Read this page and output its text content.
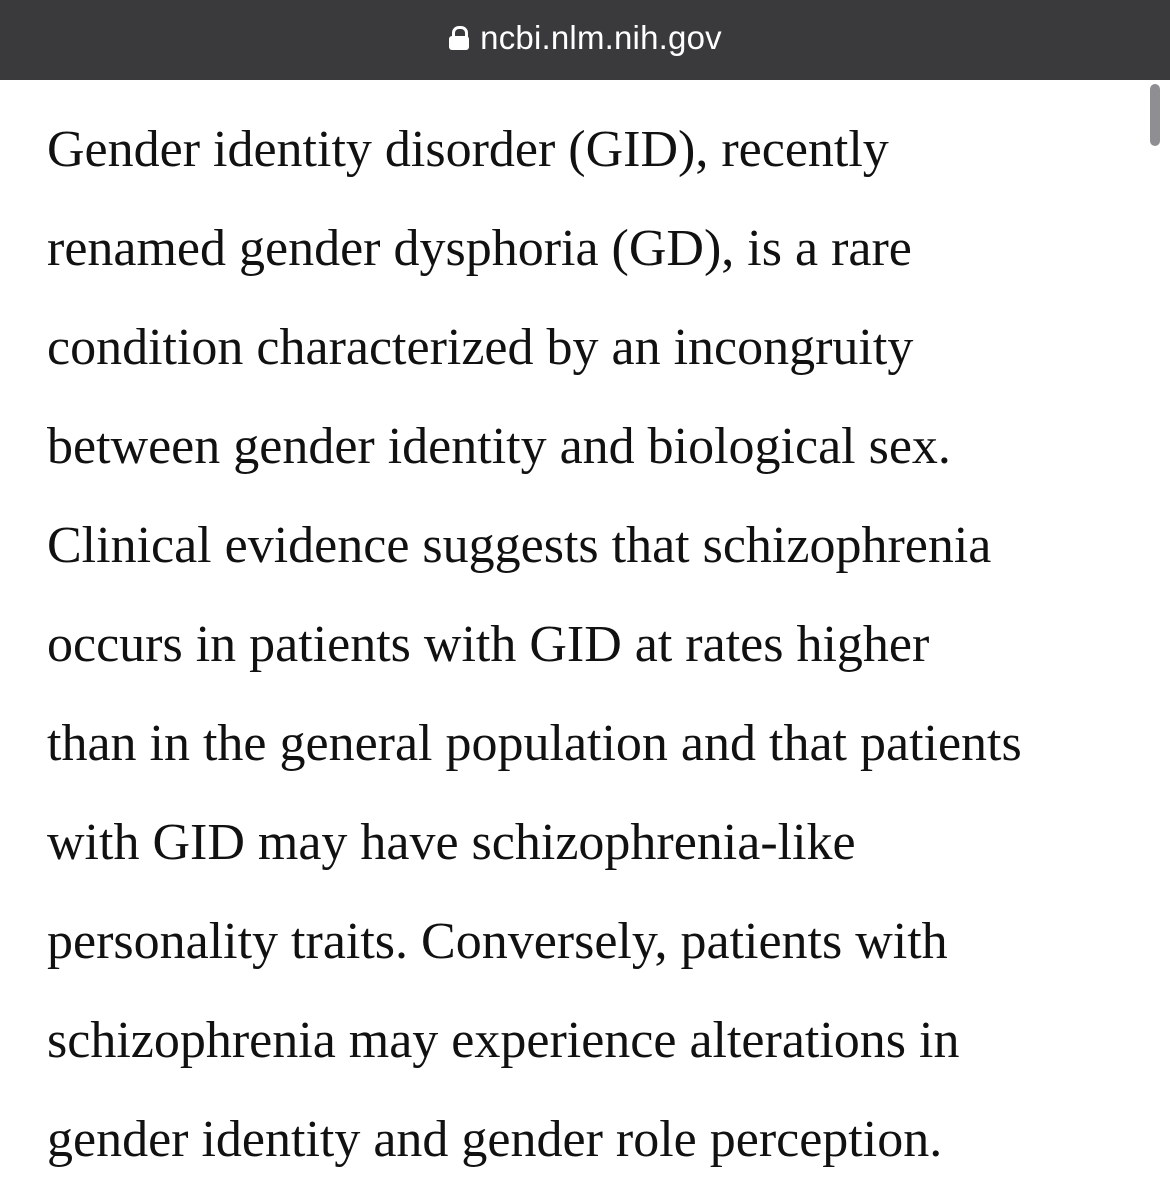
ncbi.nlm.nih.gov
Gender identity disorder (GID), recently
renamed gender dysphoria (GD), is a rare
condition characterized by an incongruity
between gender identity and biological sex.
Clinical evidence suggests that schizophrenia
occurs in patients with GID at rates higher
than in the general population and that patients
with GID may have schizophrenia-like
personality traits. Conversely, patients with
schizophrenia may experience alterations in
gender identity and gender role perception.
